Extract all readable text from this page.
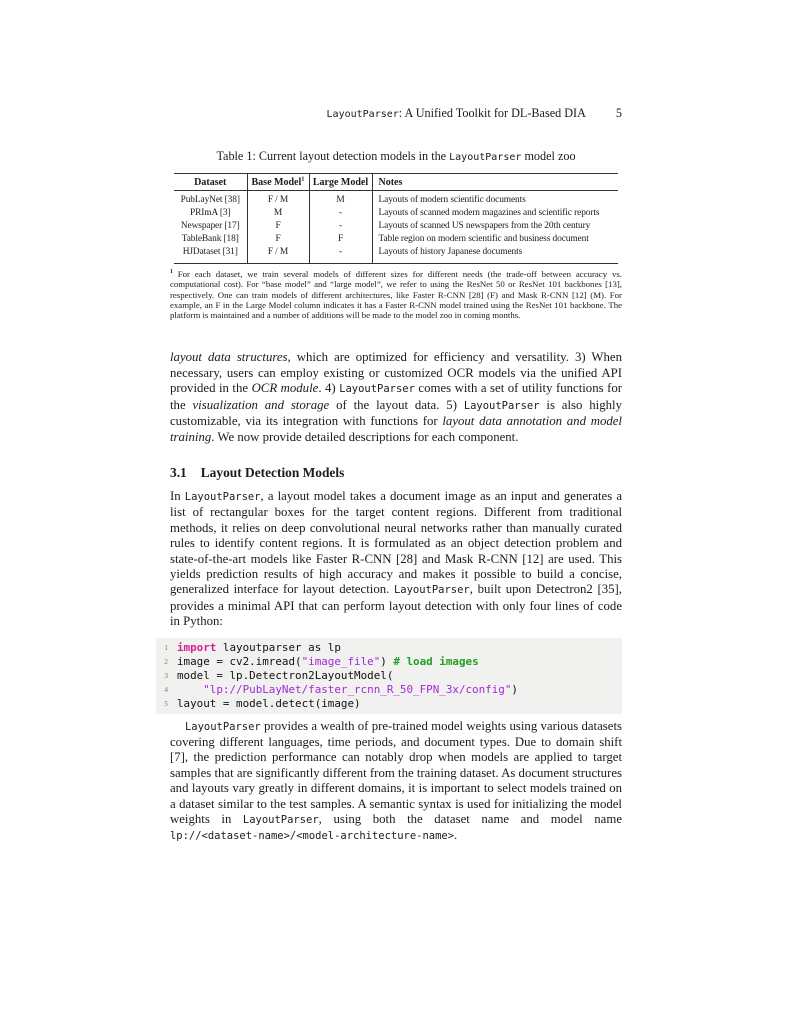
LayoutParser: A Unified Toolkit for DL-Based DIA 5
Table 1: Current layout detection models in the LayoutParser model zoo
Dataset	Base Model$^1$	Large Model	Notes
PubLayNet [38]	F / M	M	Layouts of modern scientific documents
PRImA [3]	M	-	Layouts of scanned modern magazines and scientific reports
Newspaper [17]	F	-	Layouts of scanned US newspapers from the 20th century
TableBank [18]	F	F	Table region on modern scientific and business document
HJDataset [31]	F / M	-	Layouts of history Japanese documents
$^1$ For each dataset, we train several models of different sizes for different needs (the trade-off between accuracy vs. computational cost). For “base model” and “large model”, we refer to using the ResNet 50 or ResNet 101 backbones [13], respectively. One can train models of different architectures, like Faster R-CNN [28] (F) and Mask R-CNN [12] (M). For example, an F in the Large Model column indicates it has a Faster R-CNN model trained using the ResNet 101 backbone. The platform is maintained and a number of additions will be made to the model zoo in coming months.
layout data structures, which are optimized for efficiency and versatility. 3) When necessary, users can employ existing or customized OCR models via the unified API provided in the OCR module. 4) LayoutParser comes with a set of utility functions for the visualization and storage of the layout data. 5) LayoutParser is also highly customizable, via its integration with functions for layout data annotation and model training. We now provide detailed descriptions for each component.
3.1 Layout Detection Models
In LayoutParser, a layout model takes a document image as an input and generates a list of rectangular boxes for the target content regions. Different from traditional methods, it relies on deep convolutional neural networks rather than manually curated rules to identify content regions. It is formulated as an object detection problem and state-of-the-art models like Faster R-CNN [28] and Mask R-CNN [12] are used. This yields prediction results of high accuracy and makes it possible to build a concise, generalized interface for layout detection. LayoutParser, built upon Detectron2 [35], provides a minimal API that can perform layout detection with only four lines of code in Python:
1 import layoutparser as lp
2 image = cv2.imread("image_file") # load images
3 model = lp.Detectron2LayoutModel(
4	"lp://PubLayNet/faster_rcnn_R_50_FPN_3x/config")
5 layout = model.detect(image)
LayoutParser provides a wealth of pre-trained model weights using various datasets covering different languages, time periods, and document types. Due to domain shift [7], the prediction performance can notably drop when models are applied to target samples that are significantly different from the training dataset. As document structures and layouts vary greatly in different domains, it is important to select models trained on a dataset similar to the test samples. A semantic syntax is used for initializing the model weights in LayoutParser, using both the dataset name and model name lp://<dataset-name>/<model-architecture-name>.
